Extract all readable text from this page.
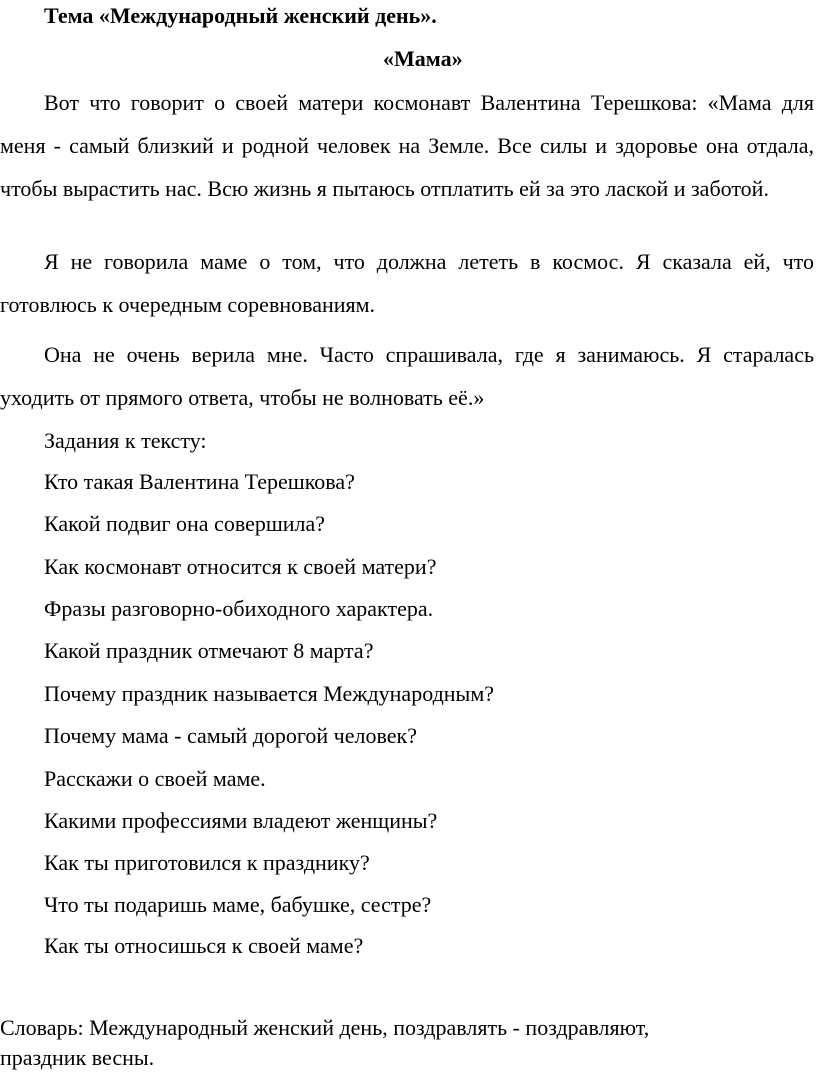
Тема «Международный женский день».
«Мама»

Вот что говорит о своей матери космонавт Валентина Терешкова: «Мама для меня - самый близкий и родной человек на Земле. Все силы и здоровье она отдала, чтобы вырастить нас. Всю жизнь я пытаюсь отплатить ей за это лаской и заботой.

Я не говорила маме о том, что должна лететь в космос. Я сказала ей, что готовлюсь к очередным соревнованиям.

Она не очень верила мне. Часто спрашивала, где я занимаюсь. Я старалась уходить от прямого ответа, чтобы не волновать её.»

Задания к тексту:

Кто такая Валентина Терешкова?

Какой подвиг она совершила?

Как космонавт относится к своей матери?

Фразы разговорно-обиходного характера.

Какой праздник отмечают 8 марта?

Почему праздник называется Международным?

Почему мама - самый дорогой человек?

Расскажи о своей маме.

Какими профессиями владеют женщины?

Как ты приготовился к празднику?

Что ты подаришь маме, бабушке, сестре?

Как ты относишься к своей маме?

Словарь: Международный женский день, поздравлять - поздравляют, праздник весны.
